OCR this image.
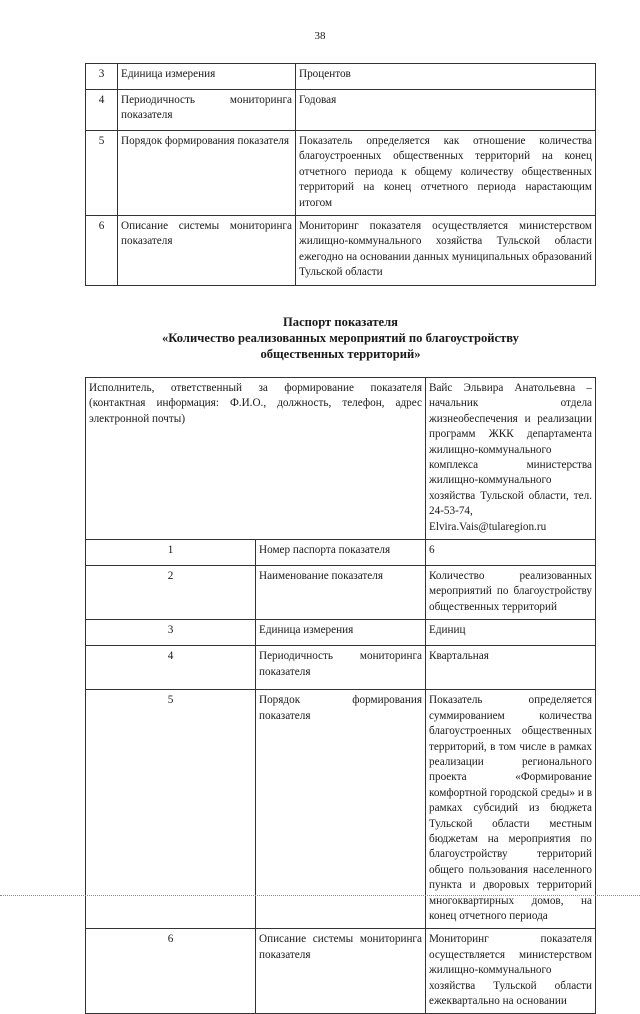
38
3	Единица измерения	Процентов
4	Периодичность мониторинга показателя	Годовая
5	Порядок формирования показателя	Показатель определяется как отношение количества благоустроенных общественных территорий на конец отчетного периода к общему количеству общественных территорий на конец отчетного периода нарастающим итогом
6	Описание системы мониторинга показателя	Мониторинг показателя осуществляется министерством жилищно-коммунального хозяйства Тульской области ежегодно на основании данных муниципальных образований Тульской области
Паспорт показателя
«Количество реализованных мероприятий по благоустройству
общественных территорий»
Исполнитель, ответственный за формирование показателя (контактная информация: Ф.И.О., должность, телефон, адрес электронной почты)		Вайс Эльвира Анатольевна – начальник отдела жизнеобеспечения и реализации программ ЖКК департамента жилищно-коммунального комплекса министерства жилищно-коммунального хозяйства Тульской области, тел. 24-53-74,
Elvira.Vais@tularegion.ru
1	Номер паспорта показателя	6
2	Наименование показателя	Количество реализованных мероприятий по благоустройству общественных территорий
3	Единица измерения	Единиц
4	Периодичность мониторинга показателя	Квартальная
5	Порядок формирования показателя	Показатель определяется суммированием количества благоустроенных общественных территорий, в том числе в рамках реализации регионального проекта «Формирование комфортной городской среды» и в рамках субсидий из бюджета Тульской области местным бюджетам на мероприятия по благоустройству территорий общего пользования населенного пункта и дворовых территорий многоквартирных домов, на конец отчетного периода
6	Описание системы мониторинга показателя	Мониторинг показателя осуществляется министерством жилищно-коммунального хозяйства Тульской области ежеквартально на основании
